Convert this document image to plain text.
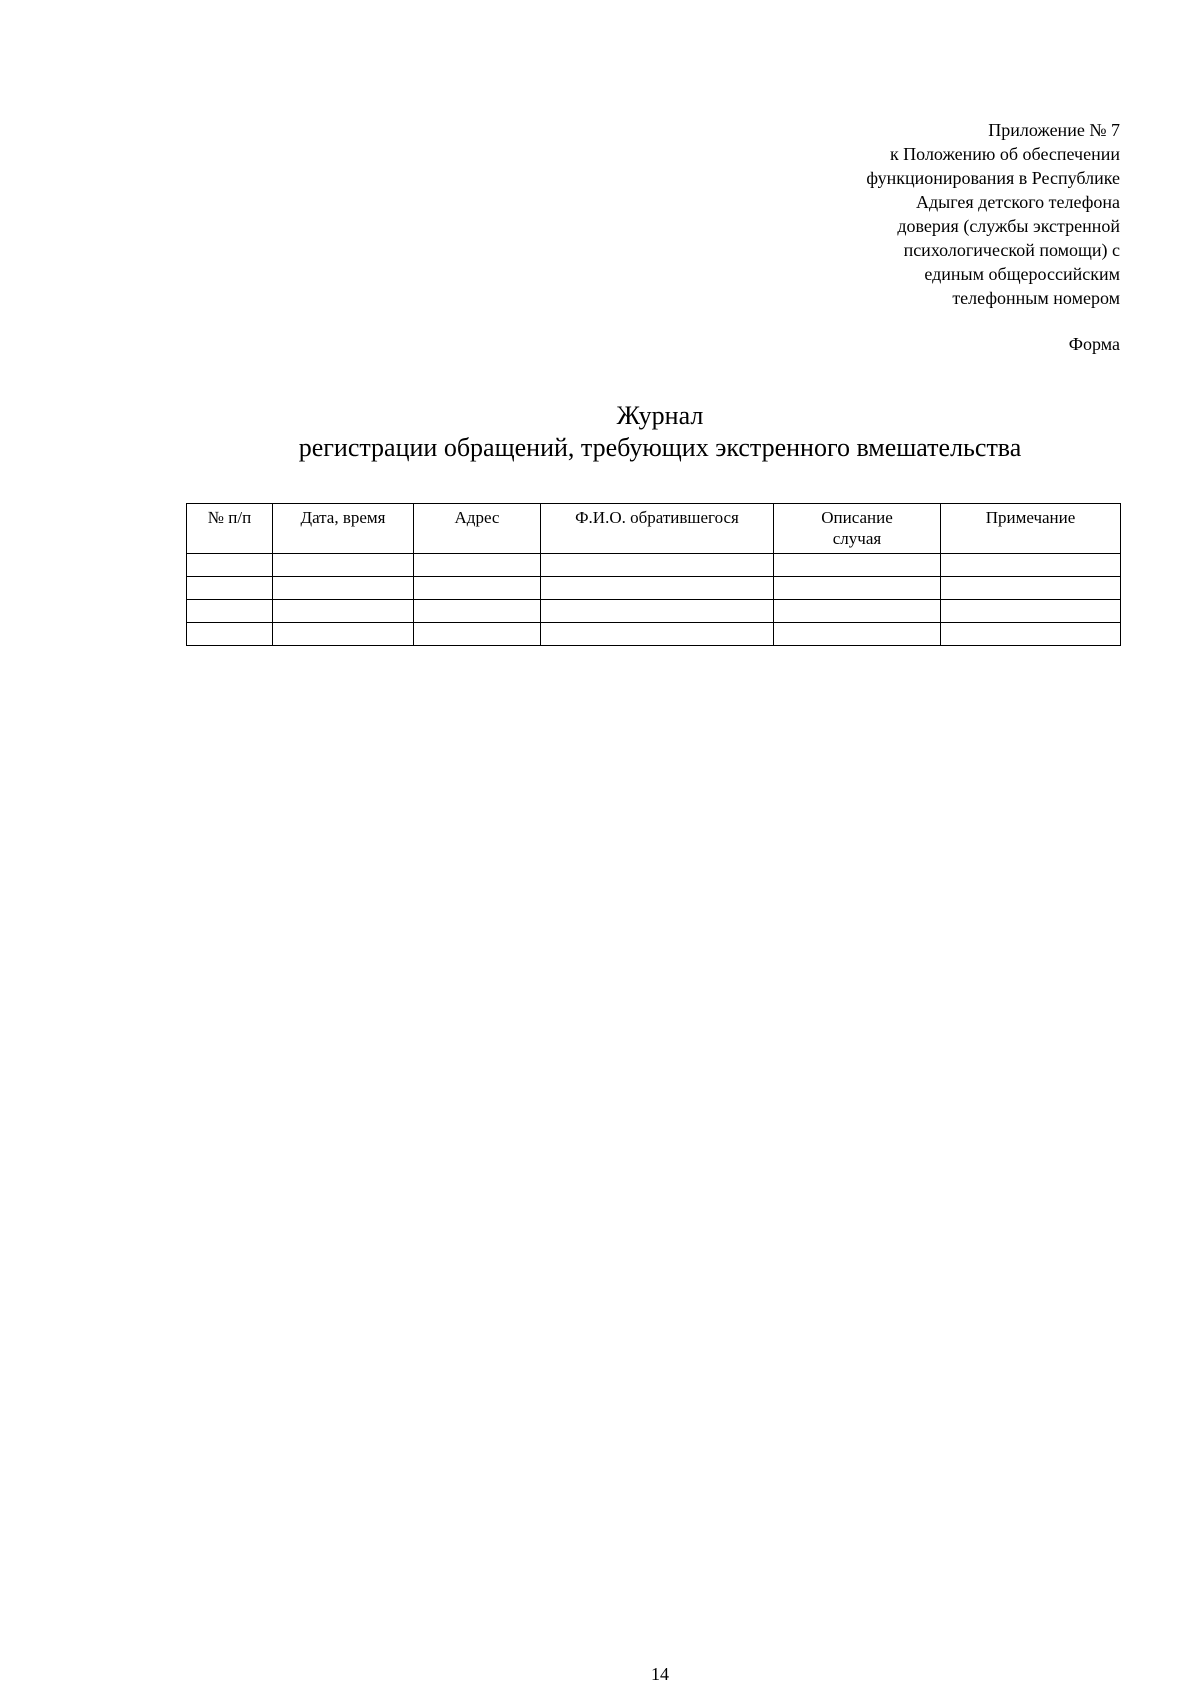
Приложение № 7
к Положению об обеспечении
функционирования в Республике
Адыгея детского телефона
доверия (службы экстренной
психологической помощи) с
единым общероссийским
телефонным номером
Форма
Журнал
регистрации обращений, требующих экстренного вмешательства
№ п/п	Дата, время	Адрес	Ф.И.О. обратившегося	Описание случая	Примечание

14
